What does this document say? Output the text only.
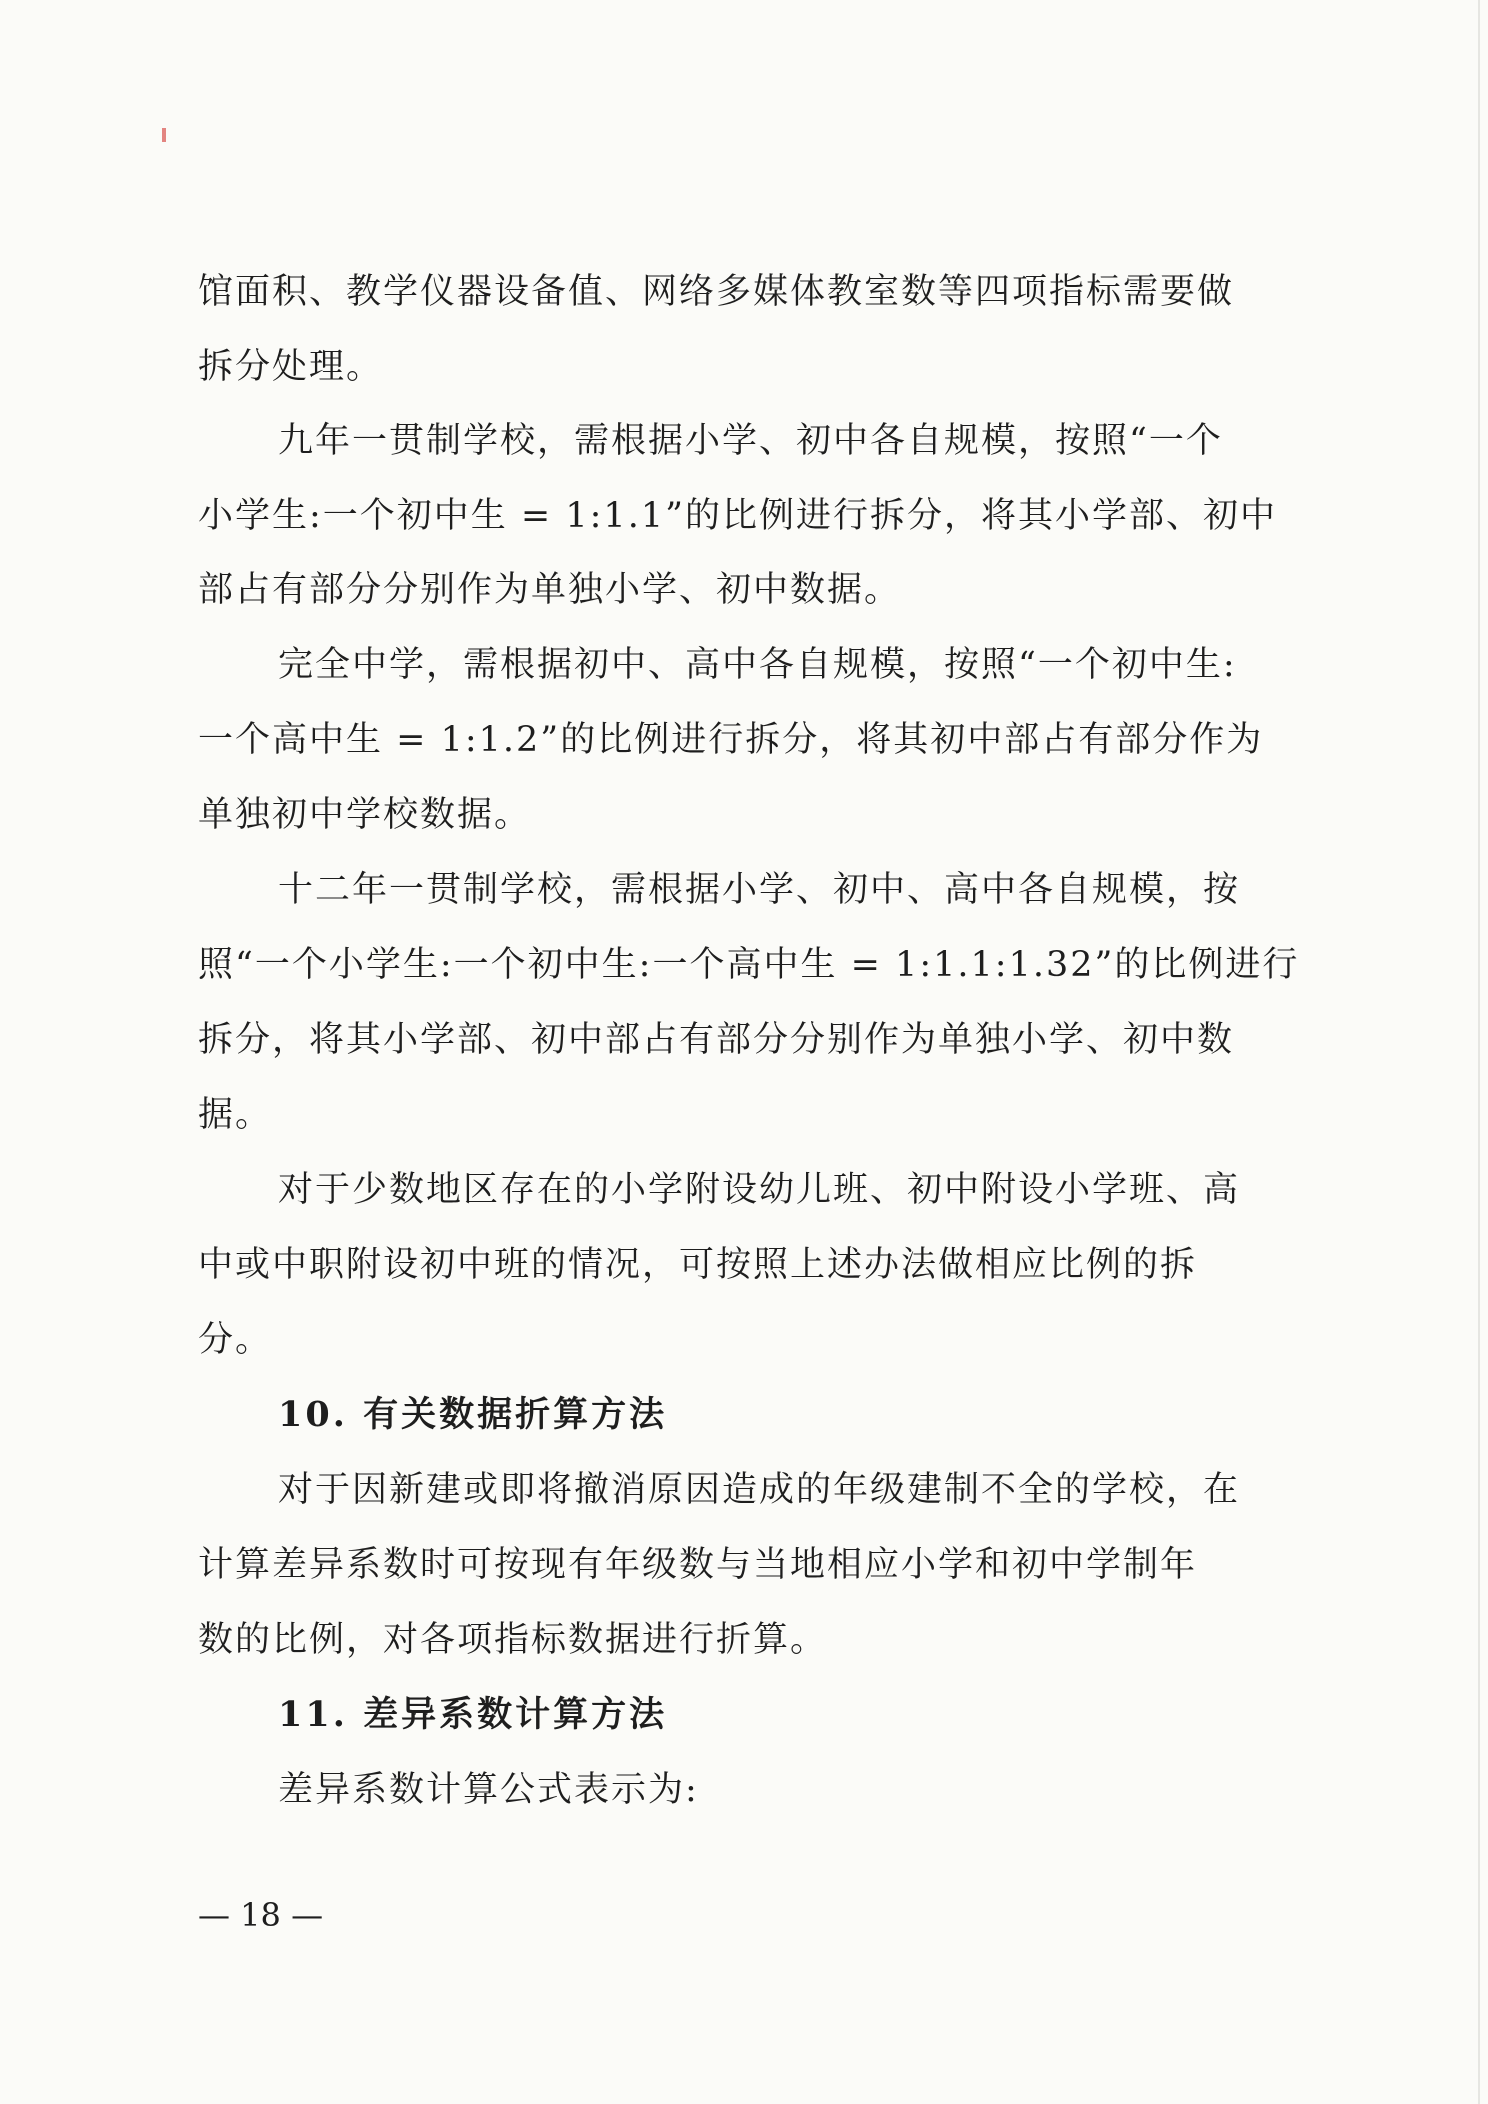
馆面积、教学仪器设备值、网络多媒体教室数等四项指标需要做
拆分处理。
九年一贯制学校，需根据小学、初中各自规模，按照“一个
小学生:一个初中生 = 1:1.1”的比例进行拆分，将其小学部、初中
部占有部分分别作为单独小学、初中数据。
完全中学，需根据初中、高中各自规模，按照“一个初中生:
一个高中生 = 1:1.2”的比例进行拆分，将其初中部占有部分作为
单独初中学校数据。
十二年一贯制学校，需根据小学、初中、高中各自规模，按
照“一个小学生:一个初中生:一个高中生 = 1:1.1:1.32”的比例进行
拆分，将其小学部、初中部占有部分分别作为单独小学、初中数
据。
对于少数地区存在的小学附设幼儿班、初中附设小学班、高
中或中职附设初中班的情况，可按照上述办法做相应比例的拆
分。
10. 有关数据折算方法
对于因新建或即将撤消原因造成的年级建制不全的学校，在
计算差异系数时可按现有年级数与当地相应小学和初中学制年
数的比例，对各项指标数据进行折算。
11. 差异系数计算方法
差异系数计算公式表示为:
— 18 —
